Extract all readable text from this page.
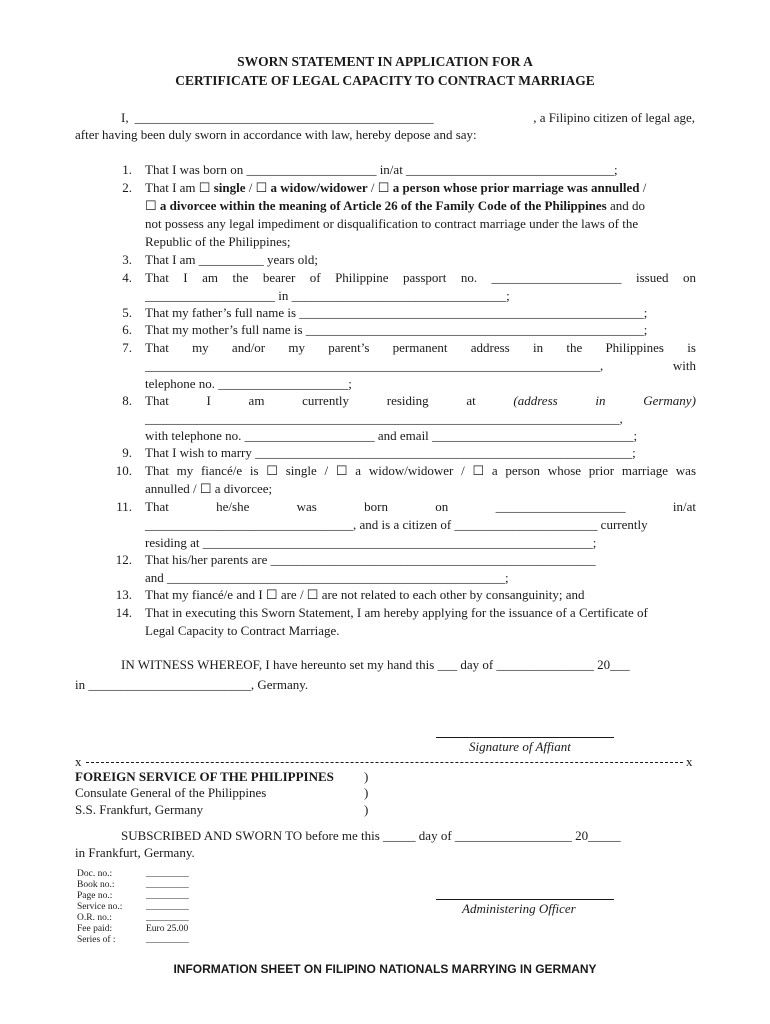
SWORN STATEMENT IN APPLICATION FOR A
CERTIFICATE OF LEGAL CAPACITY TO CONTRACT MARRIAGE
I, ______________________________________________	, a Filipino citizen of legal age,
after having been duly sworn in accordance with law, hereby depose and say:
1. That I was born on ____________________ in/at ________________________________;
2. That I am ☐ single / ☐ a widow/widower / ☐ a person whose prior marriage was annulled /
☐ a divorcee within the meaning of Article 26 of the Family Code of the Philippines and do
not possess any legal impediment or disqualification to contract marriage under the laws of the
Republic of the Philippines;
3. That I am __________ years old;
4. That I am the bearer of Philippine passport no. ____________________ issued on
____________________ in _________________________________;
5. That my father’s full name is _____________________________________________________;
6. That my mother’s full name is ____________________________________________________;
7. That my and/or my parent’s permanent address in the Philippines is
______________________________________________________________________,	with
telephone no. ____________________;
8. That	I	am	currently	residing	at	(address	in	Germany)
_________________________________________________________________________,
with telephone no. ____________________ and email _______________________________;
9. That I wish to marry __________________________________________________________;
10. That my fiancé/e is ☐ single / ☐ a widow/widower / ☐ a person whose prior marriage was
annulled / ☐ a divorcee;
11. That	he/she	was	born	on	____________________	in/at
________________________________, and is a citizen of ______________________ currently
residing at ____________________________________________________________;
12. That his/her parents are __________________________________________________
and ____________________________________________________;
13. That my fiancé/e and I ☐ are / ☐ are not related to each other by consanguinity; and
14. That in executing this Sworn Statement, I am hereby applying for the issuance of a Certificate of
Legal Capacity to Contract Marriage.
IN WITNESS WHEREOF, I have hereunto set my hand this ___ day of _______________ 20___
in _________________________, Germany.
Signature of Affiant
x	x
FOREIGN SERVICE OF THE PHILIPPINES )
Consulate General of the Philippines	)
S.S. Frankfurt, Germany	)
SUBSCRIBED AND SWORN TO before me this _____ day of __________________ 20_____
in Frankfurt, Germany.
Doc. no.:	_________
Book no.:	_________
Page no.:	_________
Service no.: _________
O.R. no.:	_________
Fee paid:	Euro 25.00
Series of :	_________
Administering Officer
INFORMATION SHEET ON FILIPINO NATIONALS MARRYING IN GERMANY
